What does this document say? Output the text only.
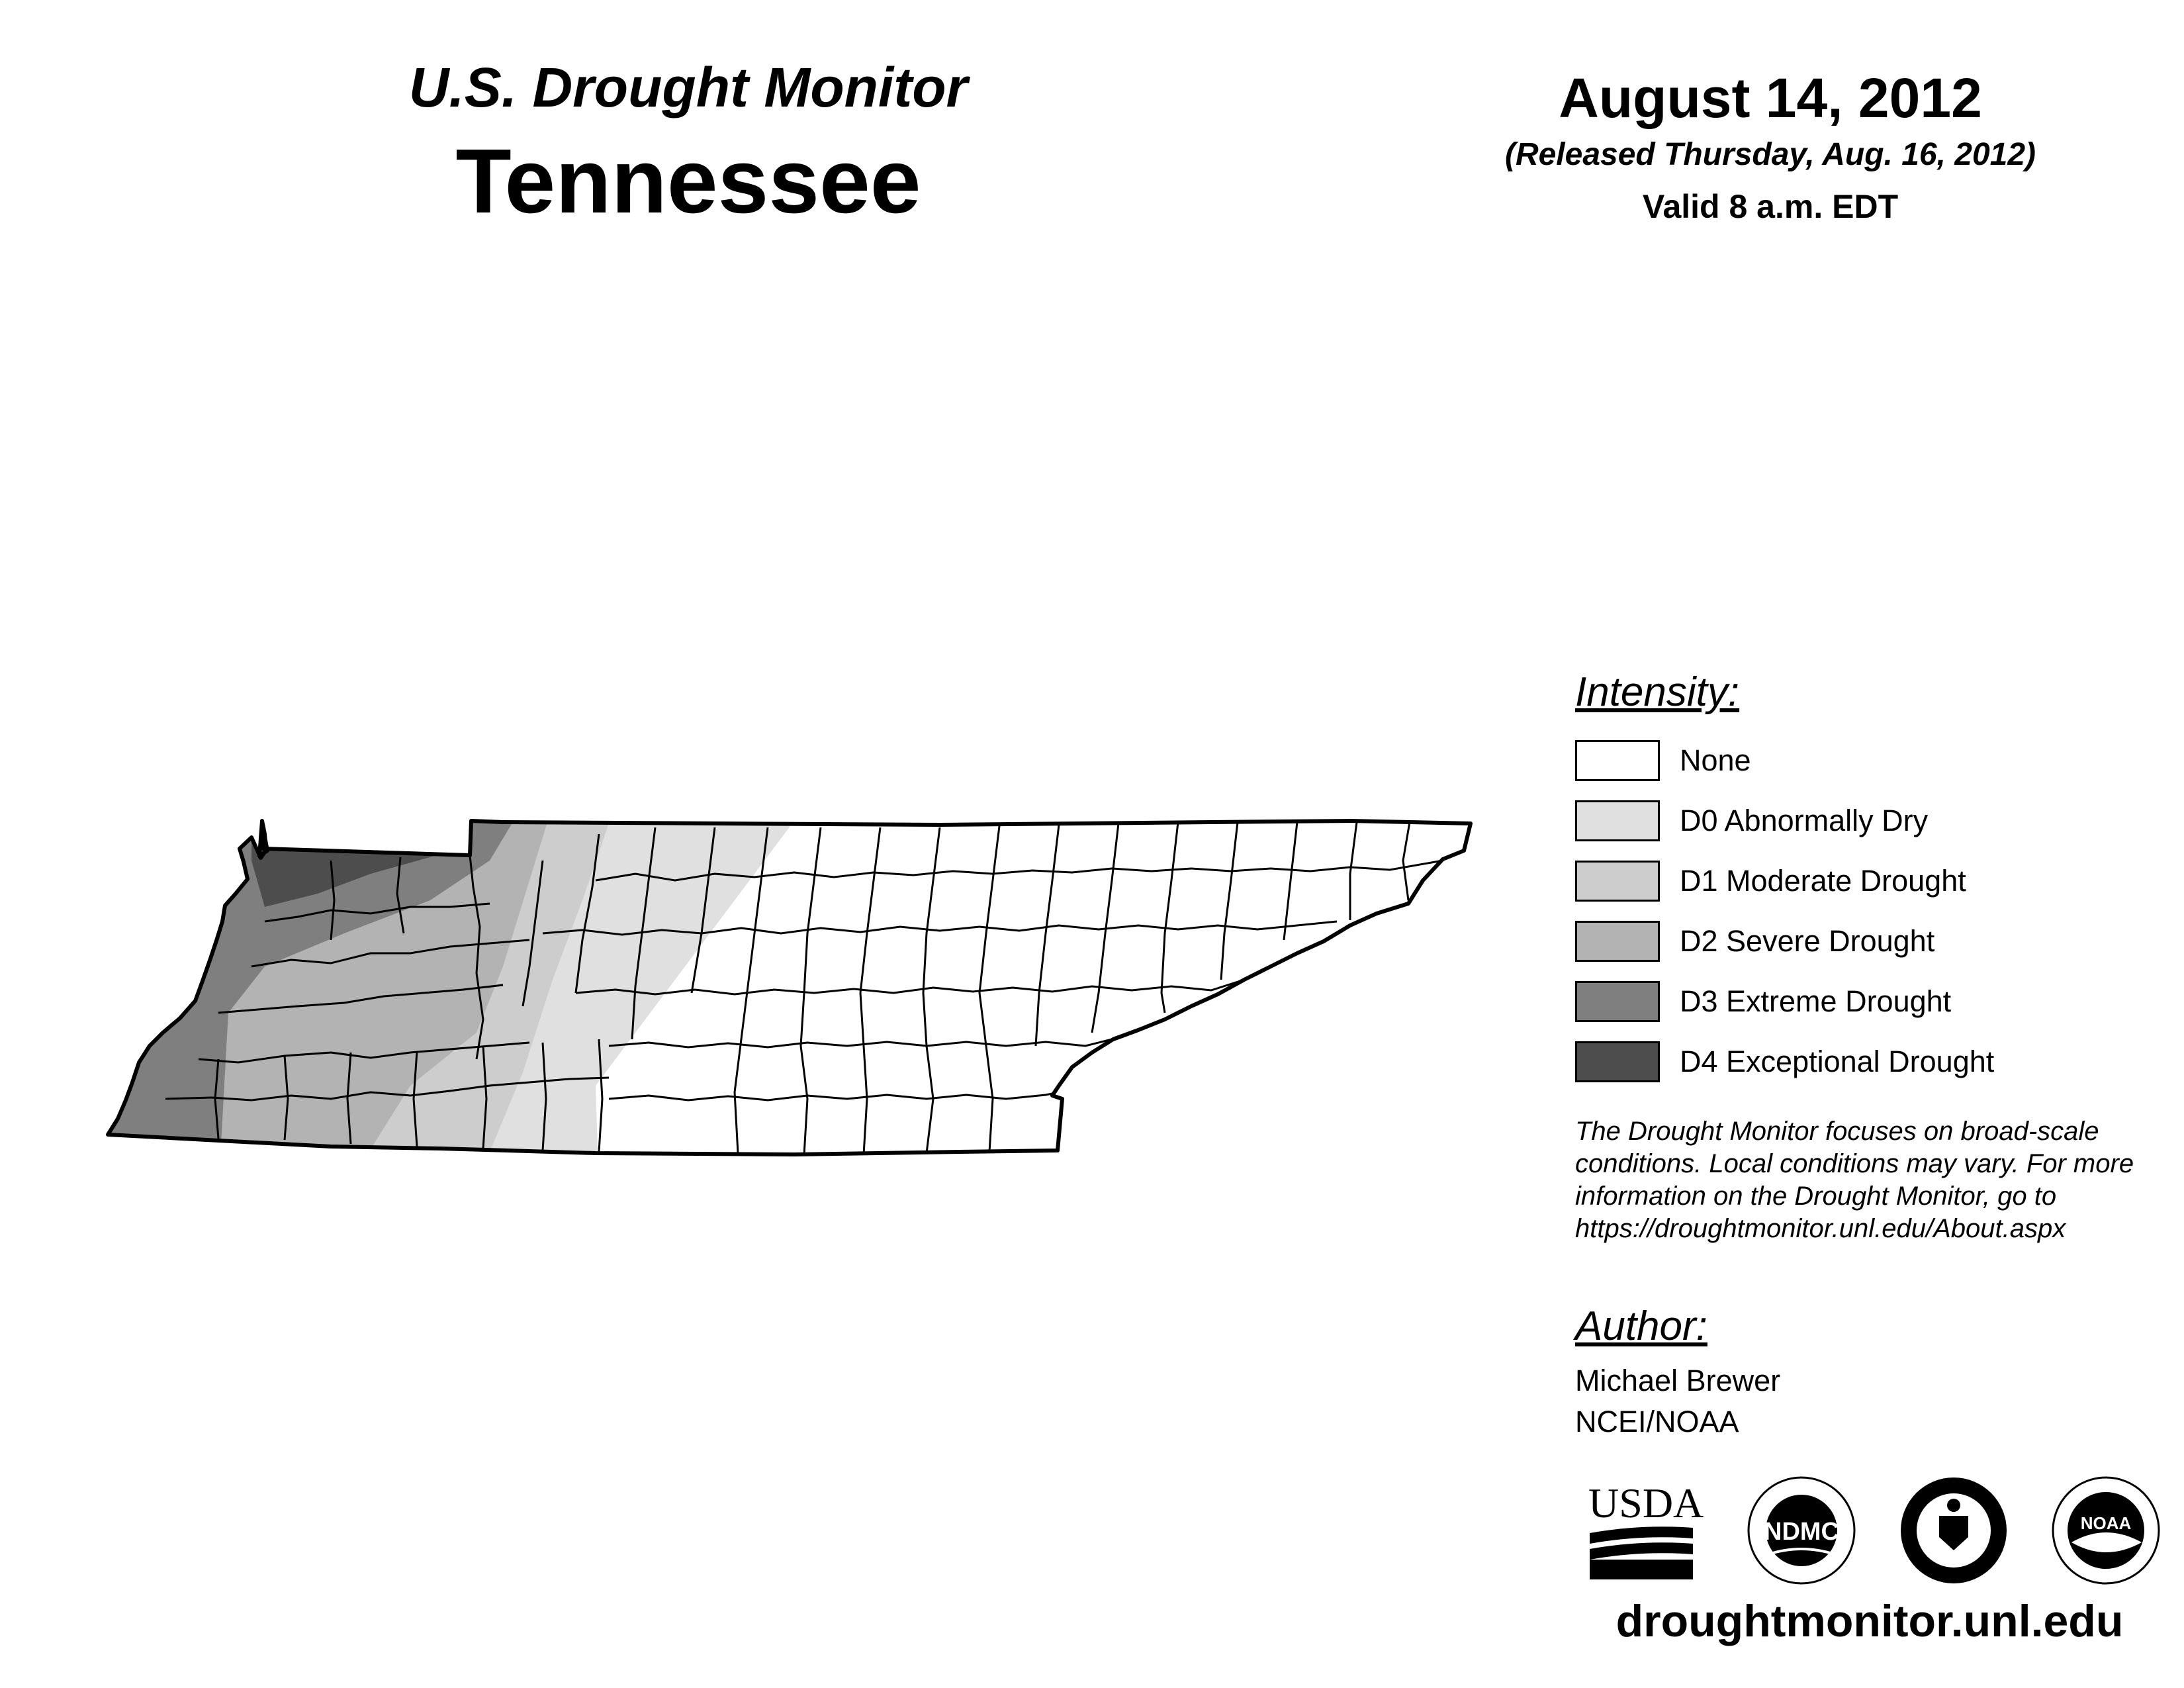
U.S. Drought Monitor
Tennessee
August 14, 2012
(Released Thursday, Aug. 16, 2012)
Valid 8 a.m. EDT
Intensity:
None
D0 Abnormally Dry
D1 Moderate Drought
D2 Severe Drought
D3 Extreme Drought
D4 Exceptional Drought
The Drought Monitor focuses on broad-scale conditions. Local conditions may vary. For more information on the Drought Monitor, go to https://droughtmonitor.unl.edu/About.aspx
Author:
Michael Brewer
NCEI/NOAA
USDA
NDMC	NOAA
droughtmonitor.unl.edu
